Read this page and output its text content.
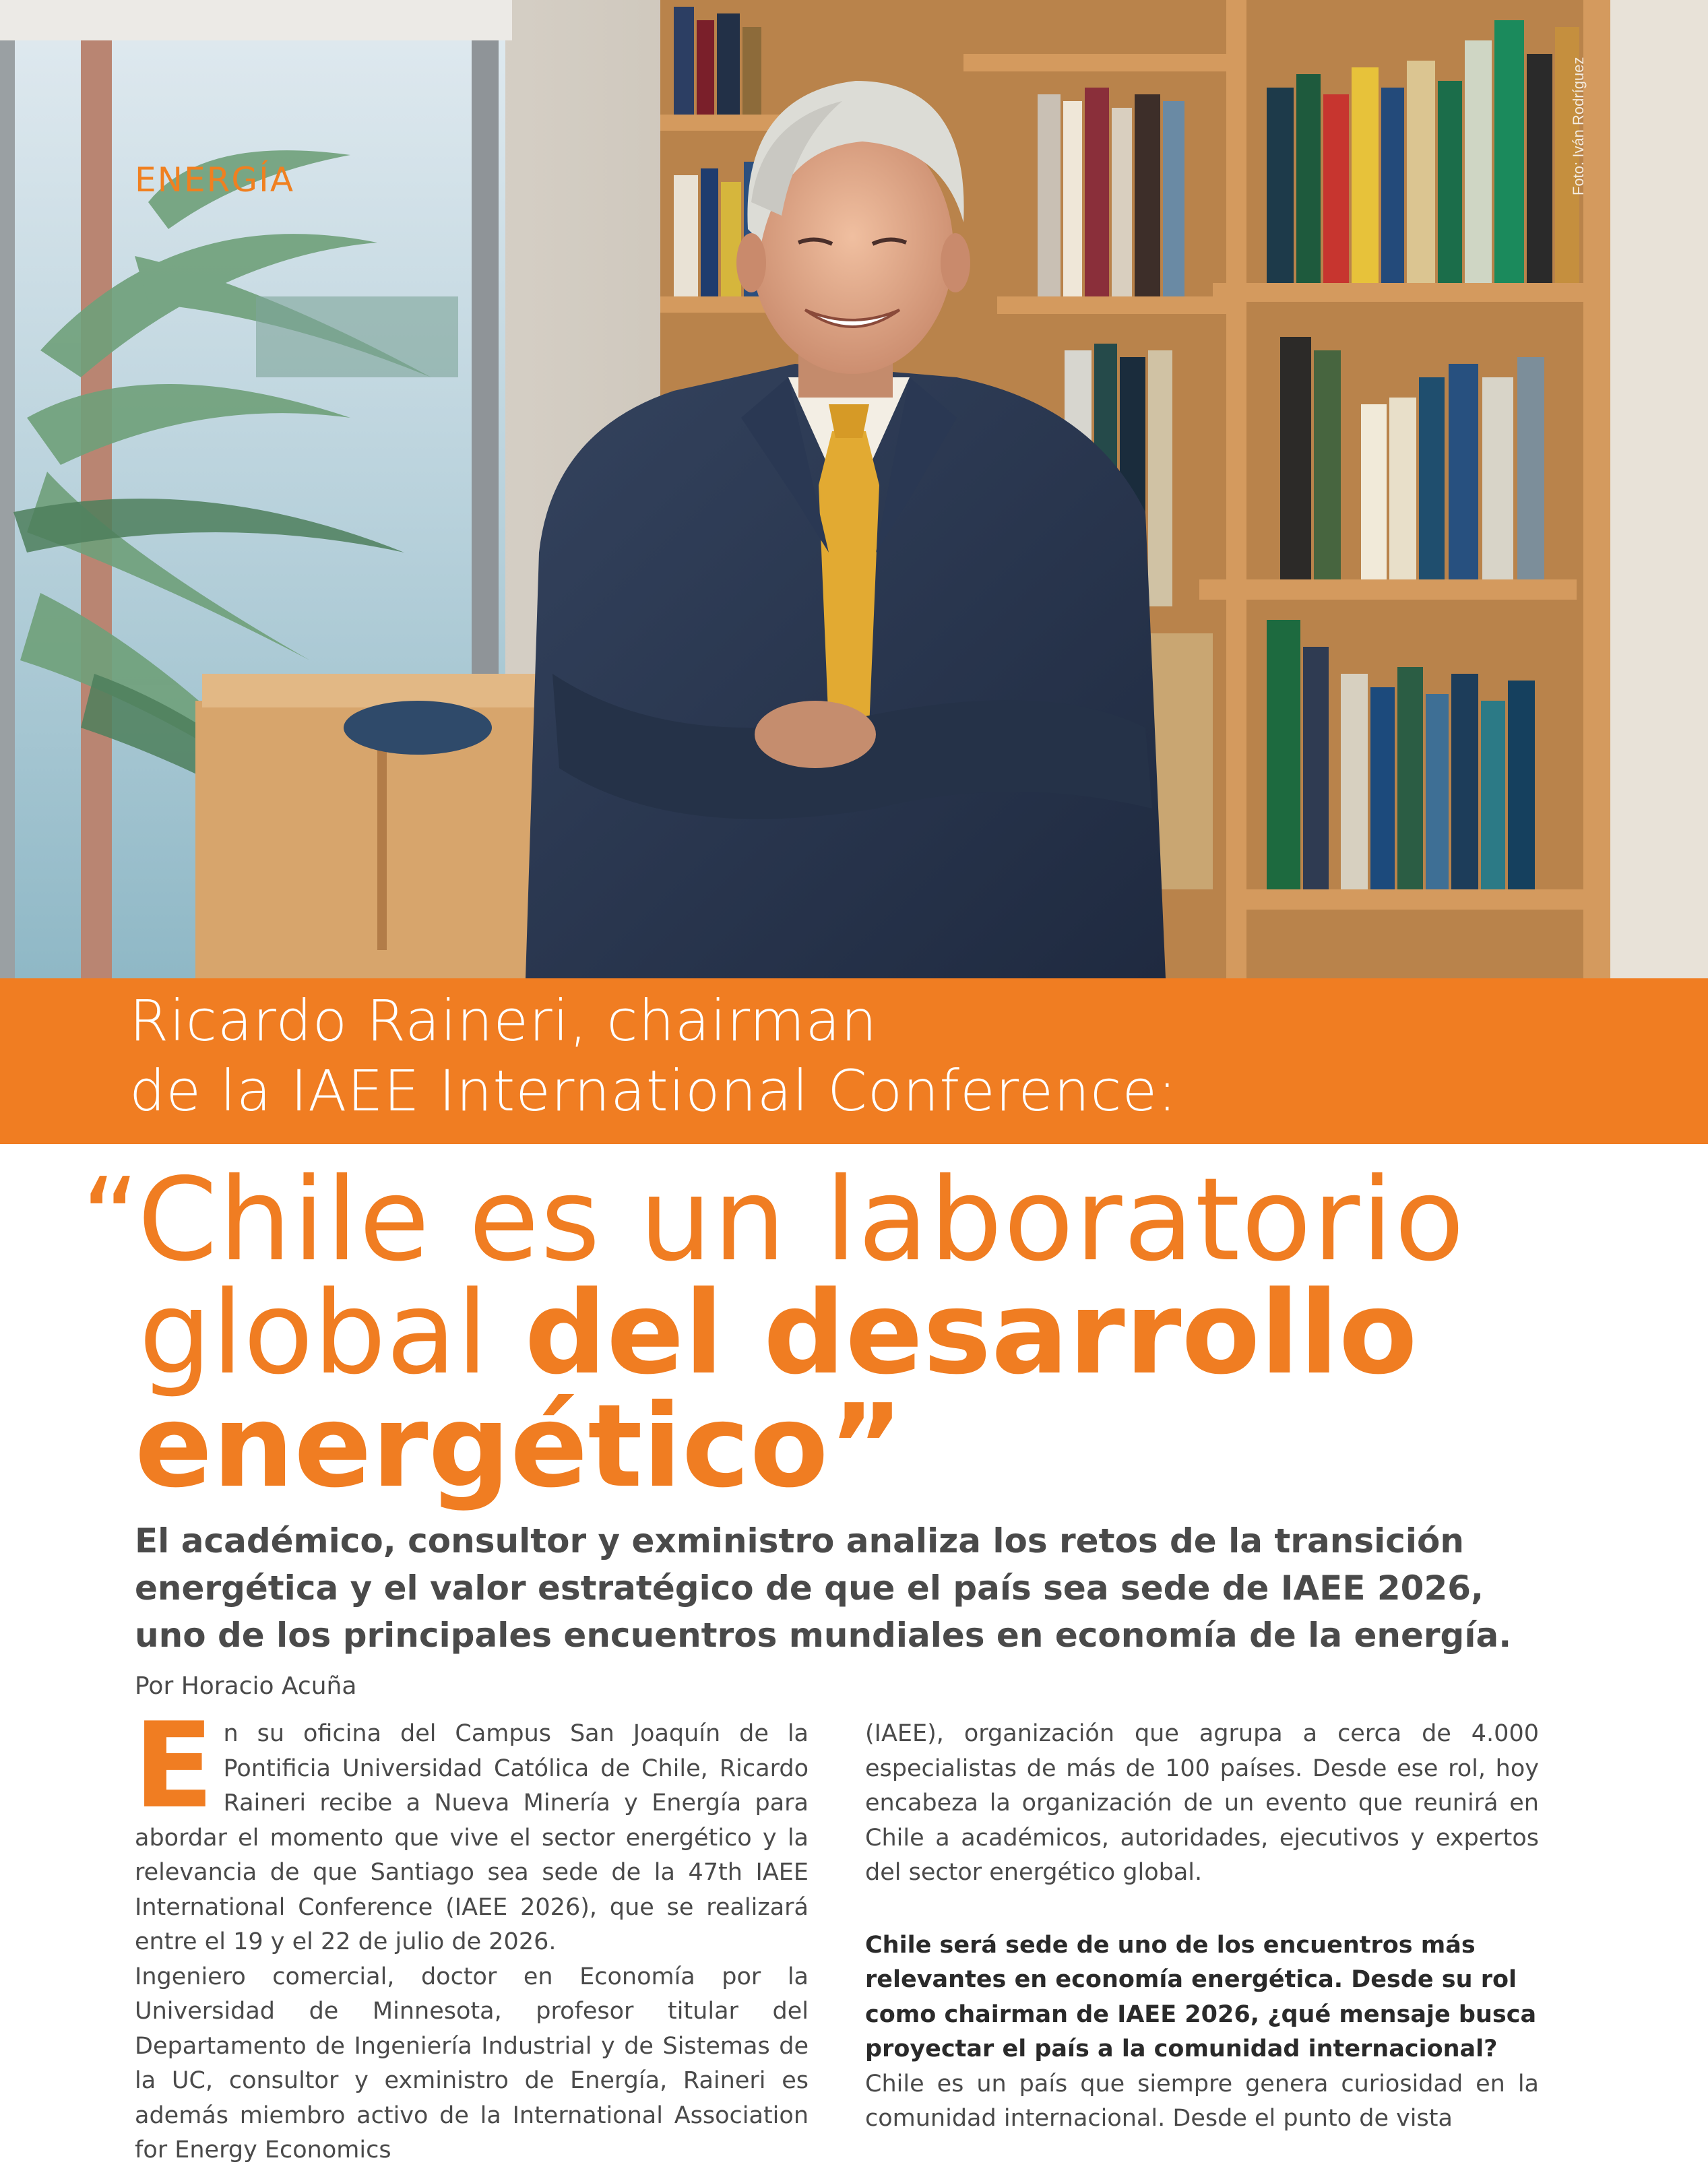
ENERGÍA	Foto: Iván Rodríguez
Ricardo Raineri, chairman
de la IAEE International Conference:
“Chile es un laboratorio
global del desarrollo
energético”
El académico, consultor y exministro analiza los retos de la transición energética y el valor estratégico de que el país sea sede de IAEE 2026, uno de los principales encuentros mundiales en economía de la energía. Por Horacio Acuña

En su oficina del Campus San Joaquín de la Pontificia Universidad Católica de Chile, Ricardo Raineri recibe a Nueva Minería y Energía para abordar el momento que vive el sector energético y la relevancia de que Santiago sea sede de la 47th IAEE International Conference (IAEE 2026), que se realizará entre el 19 y el 22 de julio de 2026.

Ingeniero comercial, doctor en Economía por la Universidad de Minnesota, profesor titular del Departamento de Ingeniería Industrial y de Sistemas de la UC, consultor y exministro de Energía, Raineri es además miembro activo de la International Association for Energy Economics

(IAEE), organización que agrupa a cerca de 4.000 especialistas de más de 100 países. Desde ese rol, hoy encabeza la organización de un evento que reunirá en Chile a académicos, autoridades, ejecutivos y expertos del sector energético global.

Chile será sede de uno de los encuentros más relevantes en economía energética. Desde su rol como chairman de IAEE 2026, ¿qué mensaje busca proyectar el país a la comunidad internacional?

Chile es un país que siempre genera curiosidad en la comunidad internacional. Desde el punto de vista
